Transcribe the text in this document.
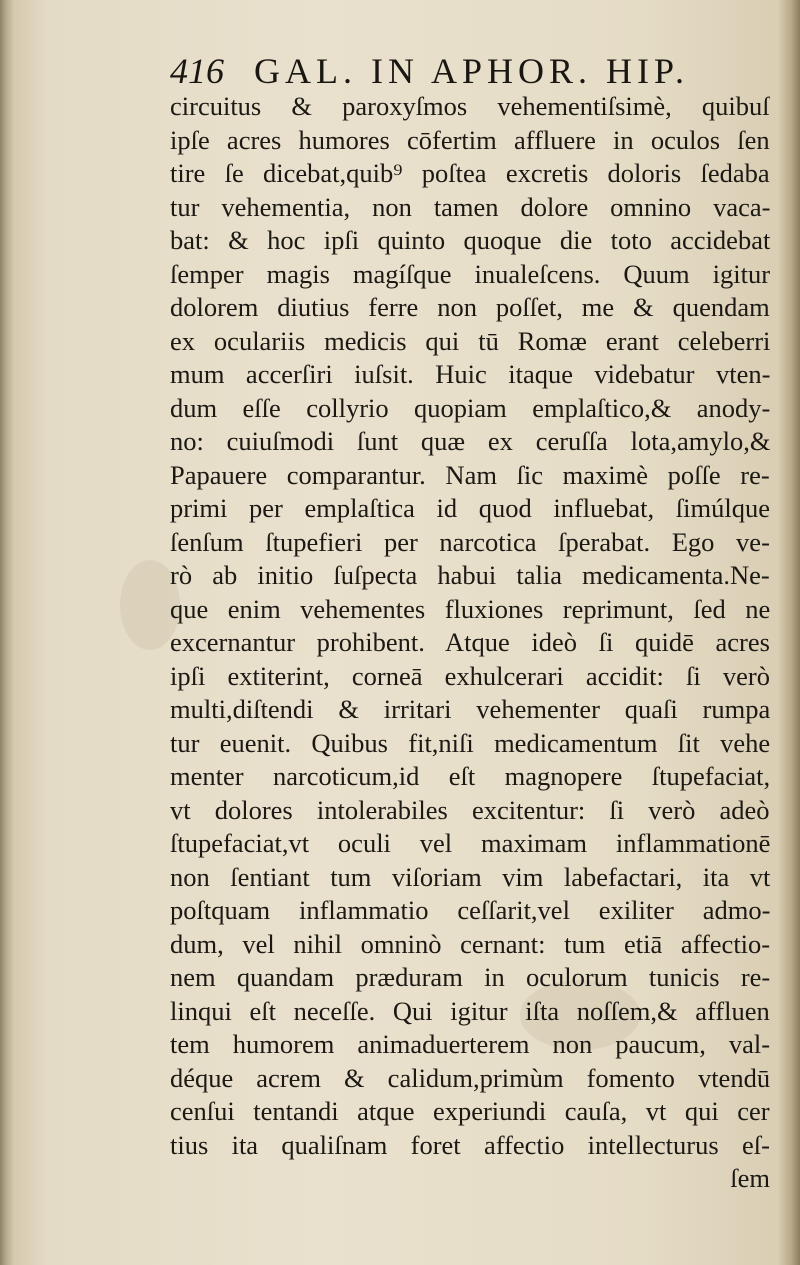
416 GAL. IN APHOR. HIP.
circuitus & paroxyſmos vehementiſsimè, quibuſ
ipſe acres humores cōfertim affluere in oculos ſen
tire ſe dicebat,quib⁹ poſtea excretis doloris ſedaba
tur vehementia, non tamen dolore omnino vaca-
bat: & hoc ipſi quinto quoque die toto accidebat
ſemper magis magíſque inualeſcens. Quum igitur
dolorem diutius ferre non poſſet, me & quendam
ex oculariis medicis qui tū Romæ erant celeberri
mum accerſiri iuſsit. Huic itaque videbatur vten-
dum eſſe collyrio quopiam emplaſtico,& anody-
no: cuiuſmodi ſunt quæ ex ceruſſa lota,amylo,&
Papauere comparantur. Nam ſic maximè poſſe re-
primi per emplaſtica id quod influebat, ſimúlque
ſenſum ſtupefieri per narcotica ſperabat. Ego ve-
rò ab initio ſuſpecta habui talia medicamenta.Ne-
que enim vehementes fluxiones reprimunt, ſed ne
excernantur prohibent. Atque ideò ſi quidē acres
ipſi extiterint, corneā exhulcerari accidit: ſi verò
multi,diſtendi & irritari vehementer quaſi rumpa
tur euenit. Quibus fit,niſi medicamentum ſit vehe
menter narcoticum,id eſt magnopere ſtupefaciat,
vt dolores intolerabiles excitentur: ſi verò adeò
ſtupefaciat,vt oculi vel maximam inflammationē
non ſentiant tum viſoriam vim labefactari, ita vt
poſtquam inflammatio ceſſarit,vel exiliter admo-
dum, vel nihil omninò cernant: tum etiā affectio-
nem quandam præduram in oculorum tunicis re-
linqui eſt neceſſe. Qui igitur iſta noſſem,& affluen
tem humorem animaduerterem non paucum, val-
déque acrem & calidum,primùm fomento vtendū
cenſui tentandi atque experiundi cauſa, vt qui cer
tius ita qualiſnam foret affectio intellecturus eſ-
ſem
